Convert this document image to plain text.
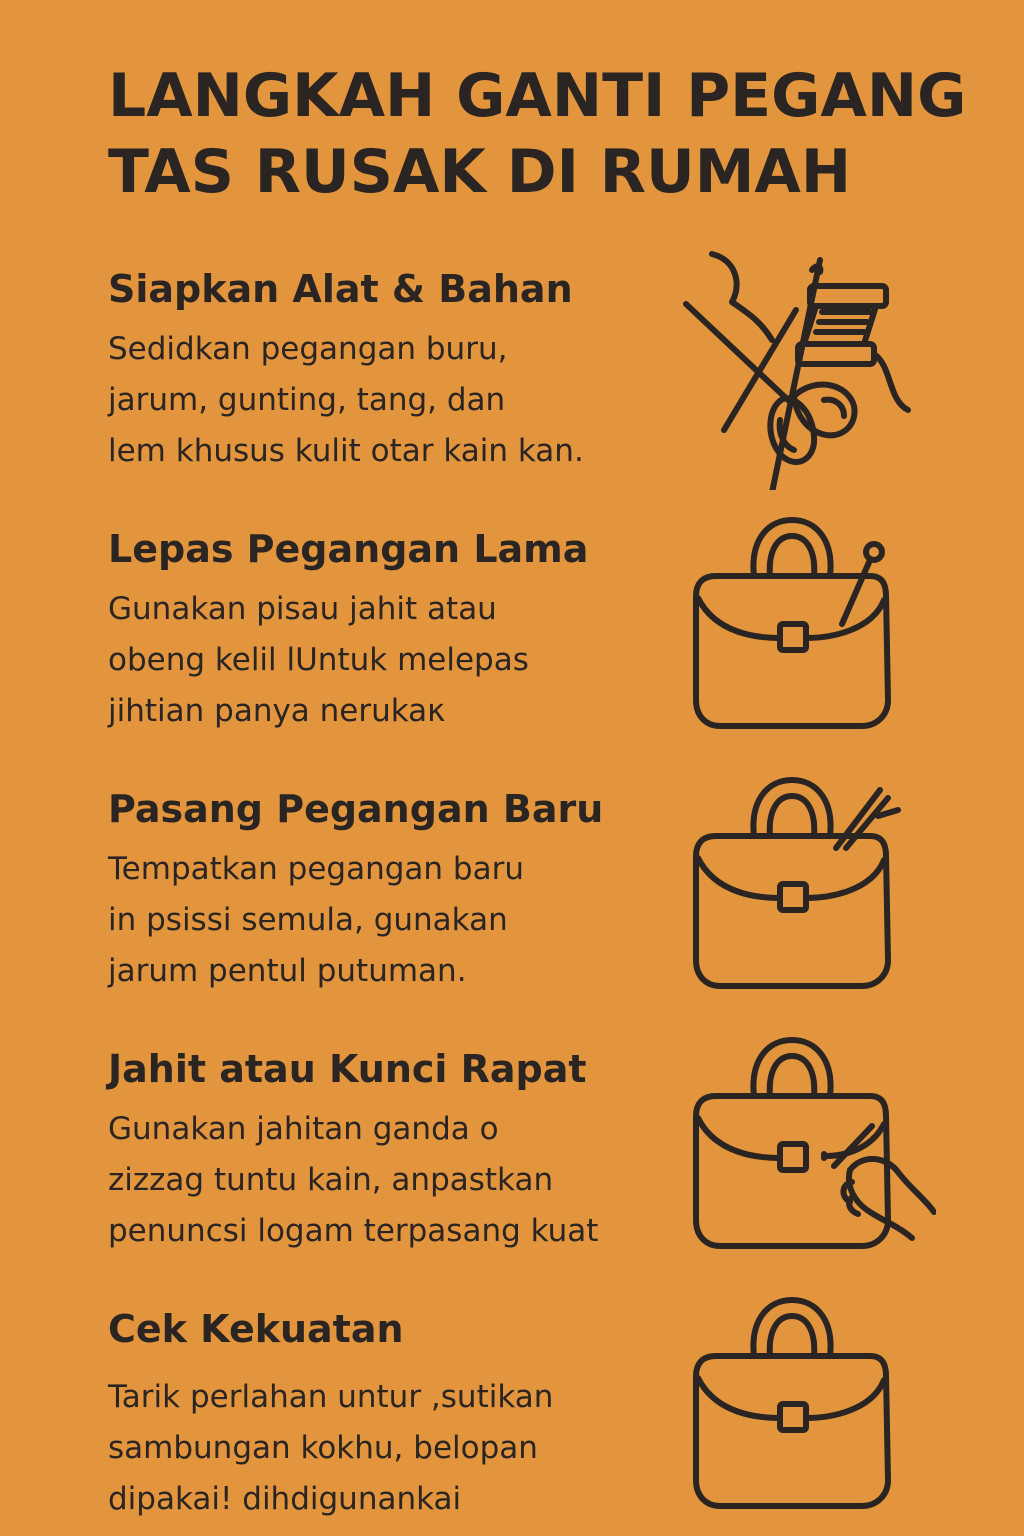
LANGKAH GANTI PEGANG
TAS RUSAK DI RUMAH
Siapkan Alat & Bahan

Sedidkan pegangan buru,
jarum, gunting, tang, dan
lem khusus kulit otar kain kan.

Lepas Pegangan Lama

Gunakan pisau jahit atau
obeng kelil lUntuk melepas
jihtian panya nerukaκ

Pasang Pegangan Baru

Tempatkan pegangan baru
in psissi semula, gunakan
jarum pentul putuman.

Jahit atau Kunci Rapat

Gunakan jahitan ganda o
zizzag tuntu kain, anpastkan
penuncsi logam terpasang kuat

Cek Kekuatan

Tarik perlahan untur ,sutikan
sambungan kokhu, belopan
dipakai! dihdigunankai
